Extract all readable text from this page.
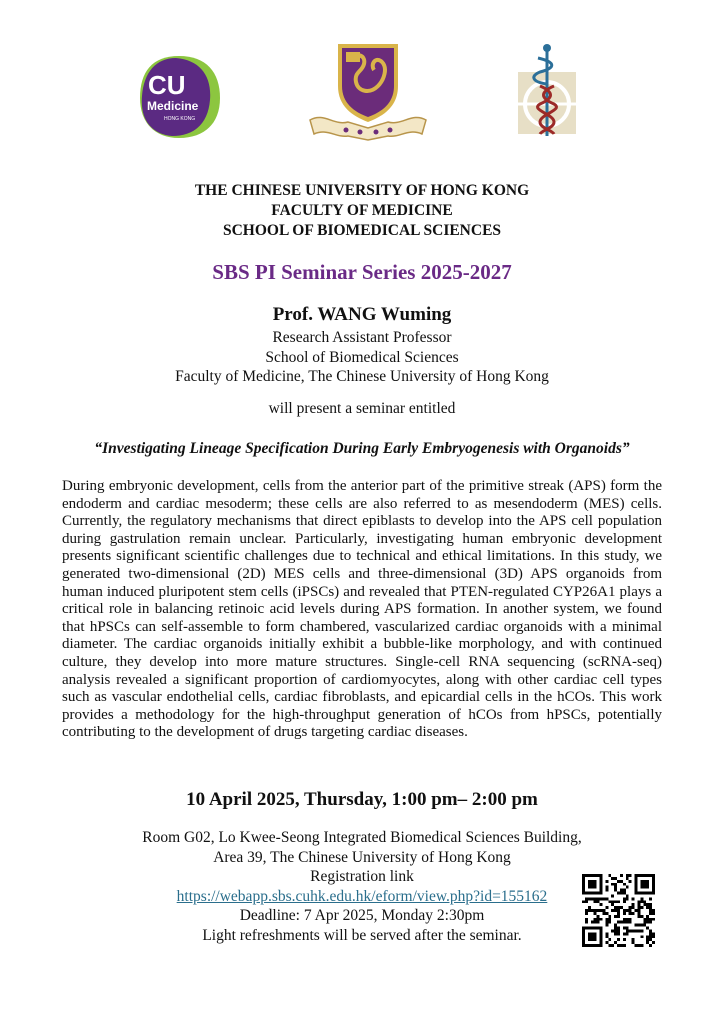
CU
Medicine
HONG KONG
THE CHINESE UNIVERSITY OF HONG KONG
FACULTY OF MEDICINE
SCHOOL OF BIOMEDICAL SCIENCES
SBS PI Seminar Series 2025-2027
Prof. WANG Wuming
Research Assistant Professor
School of Biomedical Sciences
Faculty of Medicine, The Chinese University of Hong Kong
will present a seminar entitled
“Investigating Lineage Specification During Early Embryogenesis with Organoids”
During embryonic development, cells from the anterior part of the primitive streak (APS) form the endoderm and cardiac mesoderm; these cells are also referred to as mesendoderm (MES) cells. Currently, the regulatory mechanisms that direct epiblasts to develop into the APS cell population during gastrulation remain unclear. Particularly, investigating human embryonic development presents significant scientific challenges due to technical and ethical limitations. In this study, we generated two-dimensional (2D) MES cells and three-dimensional (3D) APS organoids from human induced pluripotent stem cells (iPSCs) and revealed that PTEN-regulated CYP26A1 plays a critical role in balancing retinoic acid levels during APS formation. In another system, we found that hPSCs can self-assemble to form chambered, vascularized cardiac organoids with a minimal diameter. The cardiac organoids initially exhibit a bubble-like morphology, and with continued culture, they develop into more mature structures. Single-cell RNA sequencing (scRNA-seq) analysis revealed a significant proportion of cardiomyocytes, along with other cardiac cell types such as vascular endothelial cells, cardiac fibroblasts, and epicardial cells in the hCOs. This work provides a methodology for the high-throughput generation of hCOs from hPSCs, potentially contributing to the development of drugs targeting cardiac diseases.
10 April 2025, Thursday, 1:00 pm– 2:00 pm
Room G02, Lo Kwee-Seong Integrated Biomedical Sciences Building,
Area 39, The Chinese University of Hong Kong
Registration link
https://webapp.sbs.cuhk.edu.hk/eform/view.php?id=155162
Deadline: 7 Apr 2025, Monday 2:30pm
Light refreshments will be served after the seminar.
